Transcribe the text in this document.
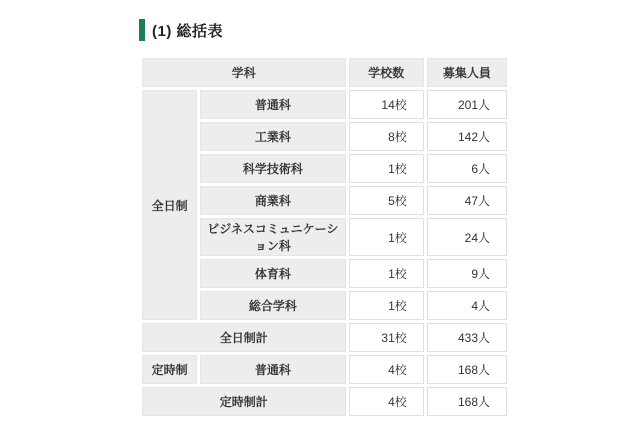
(1) 総括表
学科		学校数	募集人員
全日制	普通科	14校	201人
	工業科	8校	142人
	科学技術科	1校	6人
	商業科	5校	47人
	ビジネスコミュニケーション科	1校	24人
	体育科	1校	9人
	総合学科	1校	4人
全日制計		31校	433人
定時制	普通科	4校	168人
定時制計		4校	168人
